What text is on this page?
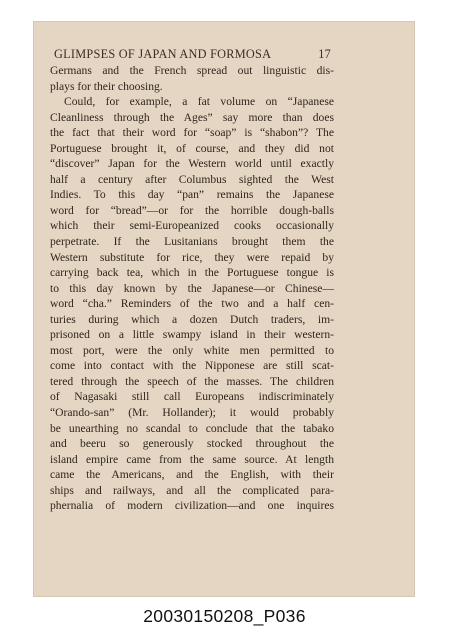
GLIMPSES OF JAPAN AND FORMOSA	17
Germans and the French spread out linguistic dis-
plays for their choosing.
Could, for example, a fat volume on “Japanese
Cleanliness through the Ages” say more than does
the fact that their word for “soap” is “shabon”? The
Portuguese brought it, of course, and they did not
“discover” Japan for the Western world until exactly
half a century after Columbus sighted the West
Indies. To this day “pan” remains the Japanese
word for “bread”—or for the horrible dough-balls
which their semi-Europeanized cooks occasionally
perpetrate. If the Lusitanians brought them the
Western substitute for rice, they were repaid by
carrying back tea, which in the Portuguese tongue is
to this day known by the Japanese—or Chinese—
word “cha.” Reminders of the two and a half cen-
turies during which a dozen Dutch traders, im-
prisoned on a little swampy island in their western-
most port, were the only white men permitted to
come into contact with the Nipponese are still scat-
tered through the speech of the masses. The children
of Nagasaki still call Europeans indiscriminately
“Orando-san” (Mr. Hollander); it would probably
be unearthing no scandal to conclude that the tabako
and beeru so generously stocked throughout the
island empire came from the same source. At length
came the Americans, and the English, with their
ships and railways, and all the complicated para-
phernalia of modern civilization—and one inquires
20030150208_P036
